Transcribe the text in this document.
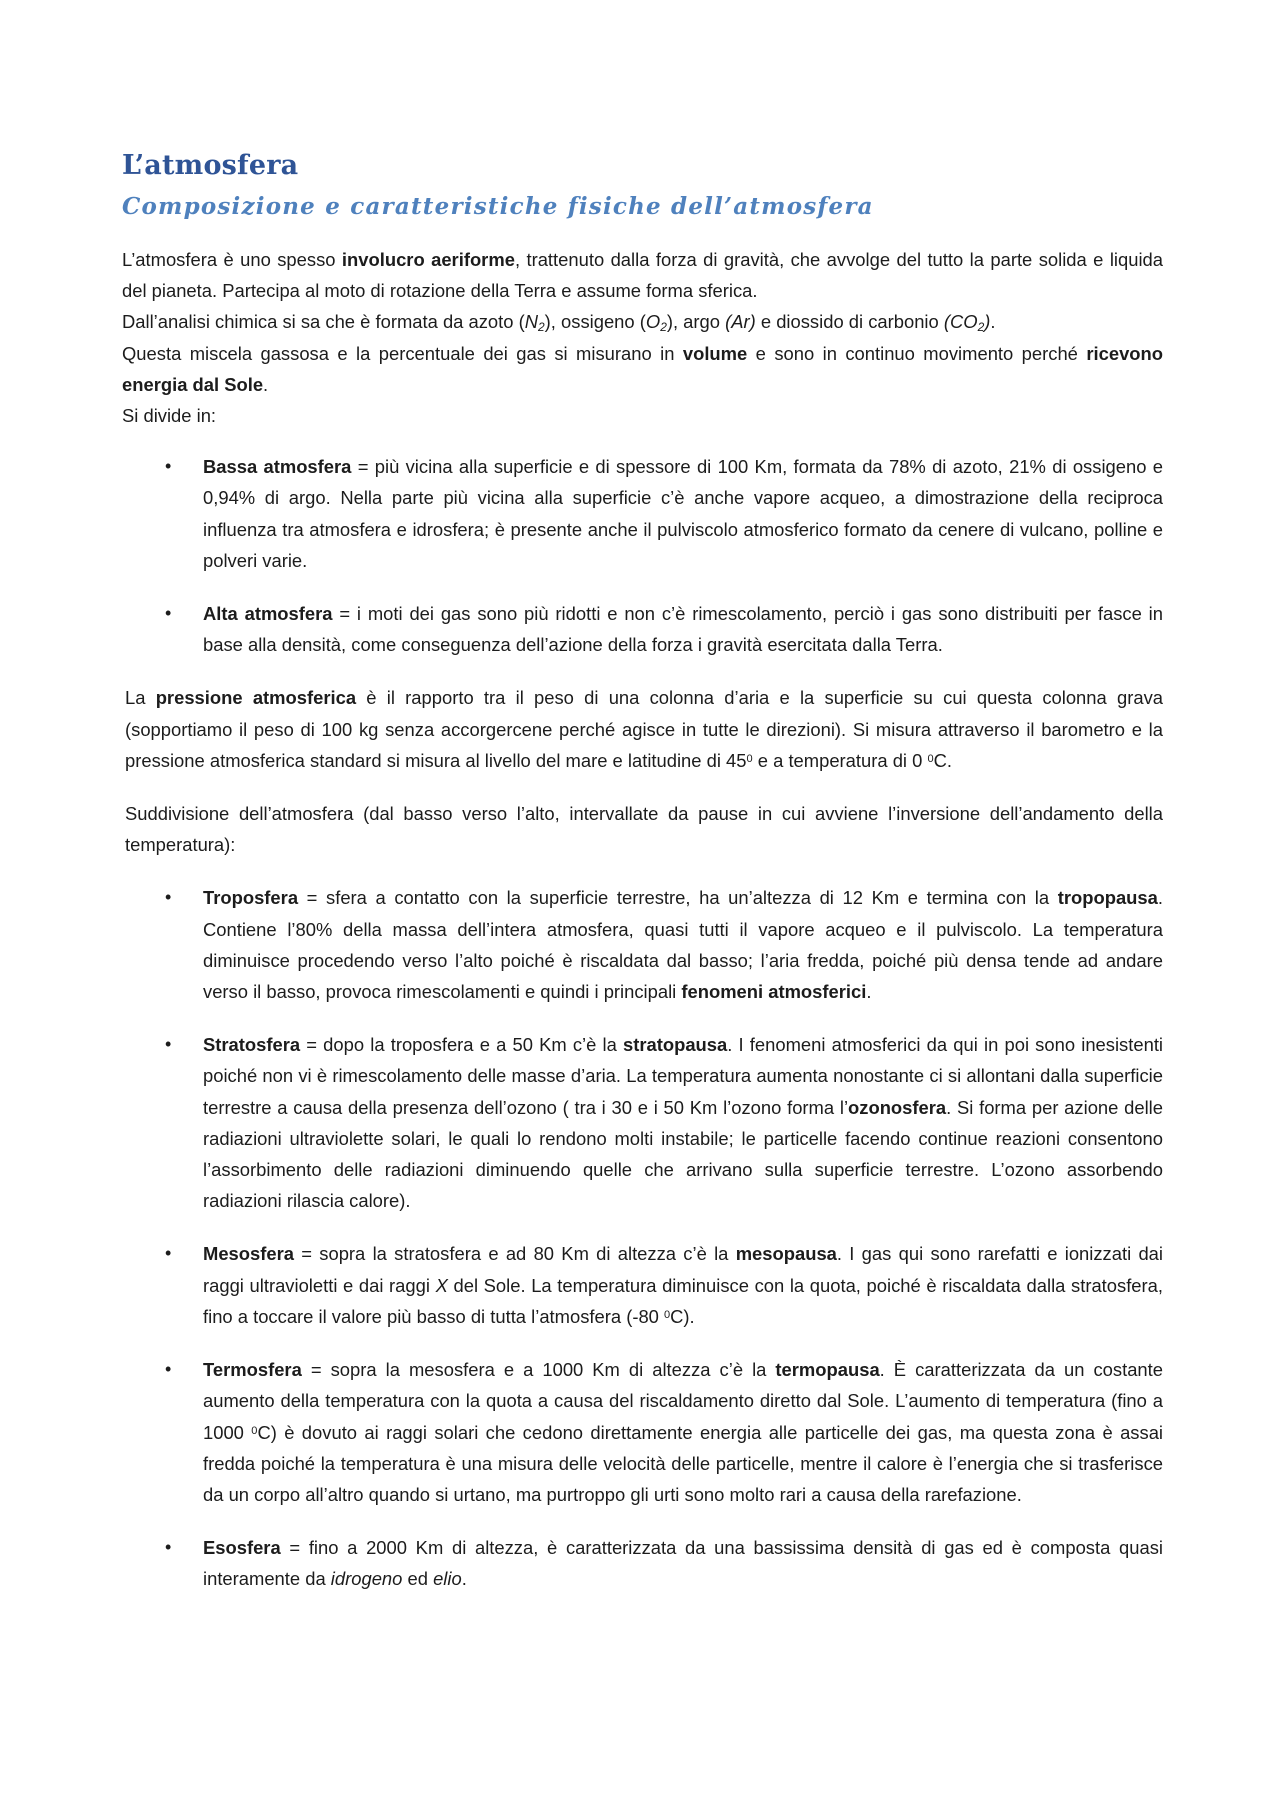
L’atmosfera
Composizione e caratteristiche fisiche dell’atmosfera

L’atmosfera è uno spesso involucro aeriforme, trattenuto dalla forza di gravità, che avvolge del tutto la parte solida e liquida del pianeta. Partecipa al moto di rotazione della Terra e assume forma sferica.

Dall’analisi chimica si sa che è formata da azoto $(N_2)$, ossigeno $(O_2)$, argo (Ar) e diossido di carbonio $(CO_2)$.

Questa miscela gassosa e la percentuale dei gas si misurano in volume e sono in continuo movimento perché ricevono energia dal Sole.

Si divide in:

• Bassa atmosfera = più vicina alla superficie e di spessore di 100 Km, formata da 78% di azoto, 21% di ossigeno e 0,94% di argo. Nella parte più vicina alla superficie c’è anche vapore acqueo, a dimostrazione della reciproca influenza tra atmosfera e idrosfera; è presente anche il pulviscolo atmosferico formato da cenere di vulcano, polline e polveri varie.
• Alta atmosfera = i moti dei gas sono più ridotti e non c’è rimescolamento, perciò i gas sono distribuiti per fasce in base alla densità, come conseguenza dell’azione della forza i gravità esercitata dalla Terra.

La pressione atmosferica è il rapporto tra il peso di una colonna d’aria e la superficie su cui questa colonna grava (sopportiamo il peso di 100 kg senza accorgercene perché agisce in tutte le direzioni). Si misura attraverso il barometro e la pressione atmosferica standard si misura al livello del mare e latitudine di $45^0$ e a temperatura di 0 $^0$C.

Suddivisione dell’atmosfera (dal basso verso l’alto, intervallate da pause in cui avviene l’inversione dell’andamento della temperatura):

• Troposfera = sfera a contatto con la superficie terrestre, ha un’altezza di 12 Km e termina con la tropopausa. Contiene l’80% della massa dell’intera atmosfera, quasi tutti il vapore acqueo e il pulviscolo. La temperatura diminuisce procedendo verso l’alto poiché è riscaldata dal basso; l’aria fredda, poiché più densa tende ad andare verso il basso, provoca rimescolamenti e quindi i principali fenomeni atmosferici.
• Stratosfera = dopo la troposfera e a 50 Km c’è la stratopausa. I fenomeni atmosferici da qui in poi sono inesistenti poiché non vi è rimescolamento delle masse d’aria. La temperatura aumenta nonostante ci si allontani dalla superficie terrestre a causa della presenza dell’ozono ( tra i 30 e i 50 Km l’ozono forma l’ozonosfera. Si forma per azione delle radiazioni ultraviolette solari, le quali lo rendono molti instabile; le particelle facendo continue reazioni consentono l’assorbimento delle radiazioni diminuendo quelle che arrivano sulla superficie terrestre. L’ozono assorbendo radiazioni rilascia calore).
• Mesosfera = sopra la stratosfera e ad 80 Km di altezza c’è la mesopausa. I gas qui sono rarefatti e ionizzati dai raggi ultravioletti e dai raggi X del Sole. La temperatura diminuisce con la quota, poiché è riscaldata dalla stratosfera, fino a toccare il valore più basso di tutta l’atmosfera (-80 $^0$C).
• Termosfera = sopra la mesosfera e a 1000 Km di altezza c’è la termopausa. È caratterizzata da un costante aumento della temperatura con la quota a causa del riscaldamento diretto dal Sole. L’aumento di temperatura (fino a 1000 $^0$C) è dovuto ai raggi solari che cedono direttamente energia alle particelle dei gas, ma questa zona è assai fredda poiché la temperatura è una misura delle velocità delle particelle, mentre il calore è l’energia che si trasferisce da un corpo all’altro quando si urtano, ma purtroppo gli urti sono molto rari a causa della rarefazione.
• Esosfera = fino a 2000 Km di altezza, è caratterizzata da una bassissima densità di gas ed è composta quasi interamente da idrogeno ed elio.
